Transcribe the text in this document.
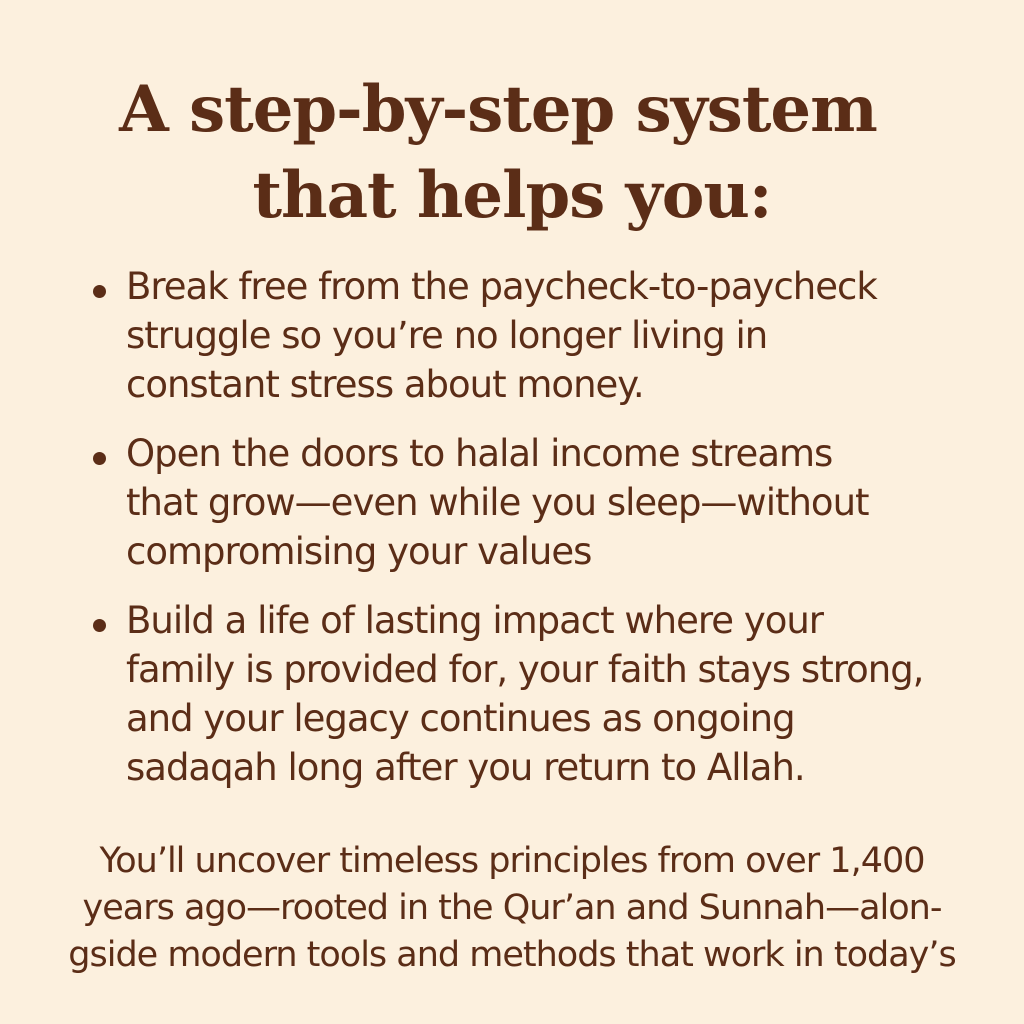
A step-by-step system
that helps you:
Break free from the paycheck-to-paycheck
struggle so you’re no longer living in
constant stress about money.
Open the doors to halal income streams
that grow—even while you sleep—without
compromising your values
Build a life of lasting impact where your
family is provided for, your faith stays strong,
and your legacy continues as ongoing
sadaqah long after you return to Allah.

You’ll uncover timeless principles from over 1,400
years ago—rooted in the Qur’an and Sunnah—alon-
gside modern tools and methods that work in today’s
